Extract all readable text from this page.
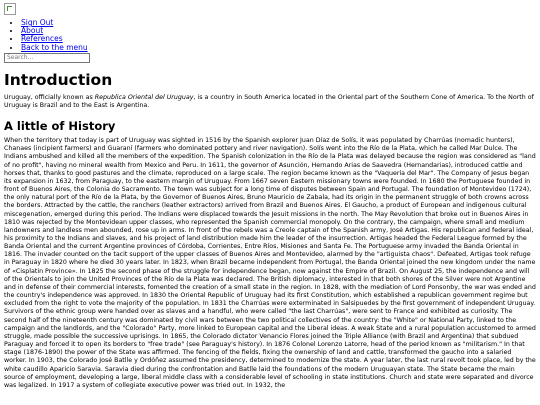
• Sign Out
• About
• References
• Back to the menu
Search...
Introduction

Uruguay, officially known as Republica Oriental del Uruguay, is a country in South America located in the Oriental part of the Southern Cone of America. To the North of Uruguay is Brazil and to the East is Argentina.

A little of History

When the territory that today is part of Uruguay was sighted in 1516 by the Spanish explorer Juan Díaz de Solís, it was populated by Charrúas (nomadic hunters), Chanaes (incipient farmers) and Guaraní (farmers who dominated pottery and river navigation). Solís went into the Río de la Plata, which he called Mar Dulce. The Indians ambushed and killed all the members of the expedition. The Spanish colonization in the Río de la Plata was delayed because the region was considered as "land of no profit", having no mineral wealth from Mexico and Peru. In 1611, the governor of Asunción, Hernando Arias de Saavedra (Hernandarias), introduced cattle and horses that, thanks to good pastures and the climate, reproduced on a large scale. The region became known as the "Vaquería del Mar". The Company of Jesus began its expansion in 1632, from Paraguay, to the eastern margin of Uruguay. From 1667 seven Eastern missionary towns were founded. In 1680 the Portuguese founded in front of Buenos Aires, the Colonia do Sacramento. The town was subject for a long time of disputes between Spain and Portugal. The foundation of Montevideo (1724), the only natural port of the Río de la Plata, by the Governor of Buenos Aires, Bruno Mauricio de Zabala, had its origin in the permanent struggle of both crowns across the borders. Attracted by the cattle, the ranchers (leather extractors) arrived from Brazil and Buenos Aires. El Gaucho, a product of European and indigenous cultural miscegenation, emerged during this period. The Indians were displaced towards the Jesuit missions in the north. The May Revolution that broke out in Buenos Aires in 1810 was rejected by the Montevidean upper classes, who represented the Spanish commercial monopoly. On the contrary, the campaign, where small and medium landowners and landless men abounded, rose up in arms. In front of the rebels was a Creole captain of the Spanish army, José Artigas. His republican and federal ideal, his proximity to the Indians and slaves, and his project of land distribution made him the leader of the insurrection. Artigas headed the Federal League formed by the Banda Oriental and the current Argentine provinces of Córdoba, Corrientes, Entre Ríos, Misiones and Santa Fe. The Portuguese army invaded the Banda Oriental in 1816. The invader counted on the tacit support of the upper classes of Buenos Aires and Montevideo, alarmed by the "artiguista chaos". Defeated, Artigas took refuge in Paraguay in 1820 where he died 30 years later. In 1823, when Brazil became independent from Portugal, the Banda Oriental joined the new kingdom under the name of «Cisplatin Province». In 1825 the second phase of the struggle for independence began, now against the Empire of Brazil. On August 25, the independence and will of the Orientals to join the United Provinces of the Río de la Plata was declared. The British diplomacy, interested in that both shores of the Silver were not Argentine and in defense of their commercial interests, fomented the creation of a small state in the region. In 1828, with the mediation of Lord Ponsonby, the war was ended and the country's independence was approved. In 1830 the Oriental Republic of Uruguay had its first Constitution, which established a republican government regime but excluded from the right to vote the majority of the population. In 1831 the Charrúas were exterminated in Salsipuedes by the first government of independent Uruguay. Survivors of the ethnic group were handed over as slaves and a handful, who were called "the last Charrúas", were sent to France and exhibited as curiosity. The second half of the nineteenth century was dominated by civil wars between the two political collectives of the country: the "White" or National Party, linked to the campaign and the landlords, and the "Colorado" Party, more linked to European capital and the Liberal ideas. A weak State and a rural population accustomed to armed struggle, made possible the successive uprisings. In 1865, the Colorado dictator Venancio Flores joined the Triple Alliance (with Brazil and Argentina) that subdued Paraguay and forced it to open its borders to "free trade" (see Paraguay's history). In 1876 Colonel Lorenzo Latorre, head of the period known as "militarism." In that stage (1876-1890) the power of the State was affirmed. The fencing of the fields, fixing the ownership of land and cattle, transformed the gaucho into a salaried worker. In 1903, the Colorado José Batlle y Ordóñez assumed the presidency, determined to modernize the state. A year later, the last rural revolt took place, led by the white caudillo Aparicio Saravia. Saravia died during the confrontation and Batlle laid the foundations of the modern Uruguayan state. The State became the main source of employment, developing a large, liberal middle class with a considerable level of schooling in state institutions. Church and state were separated and divorce was legalized. In 1917 a system of collegiate executive power was tried out. In 1932, the
